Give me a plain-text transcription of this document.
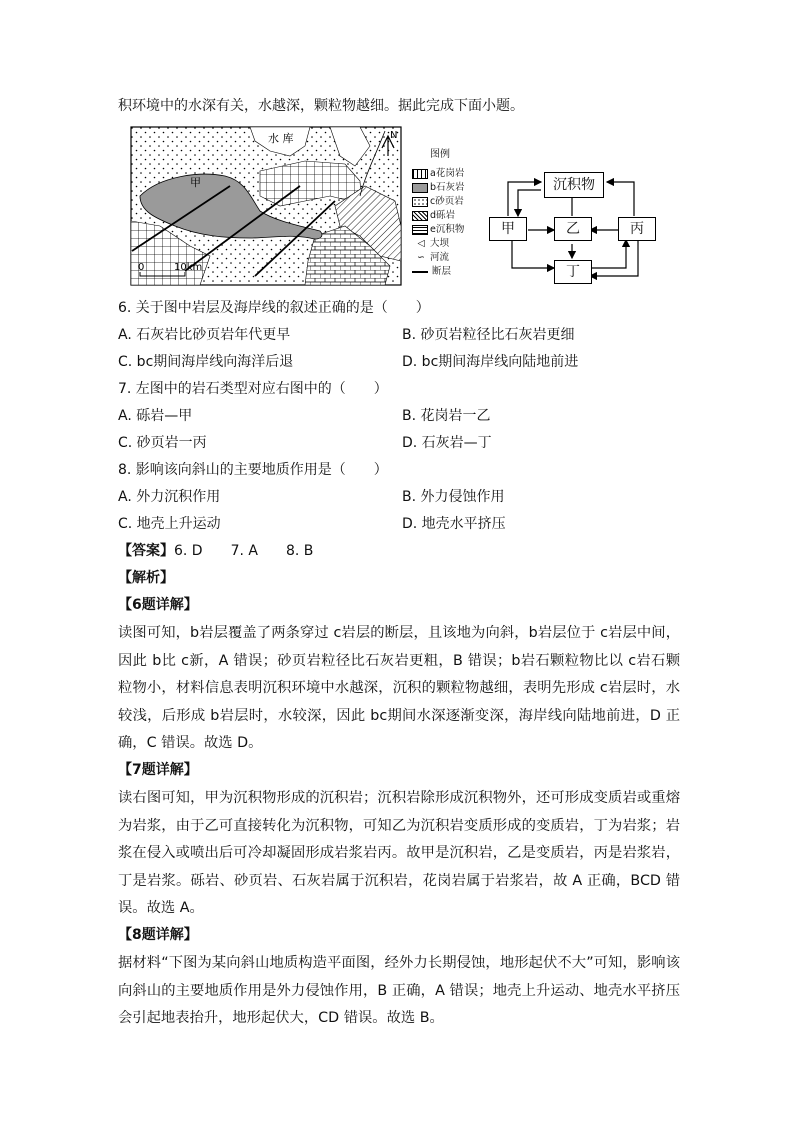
积环境中的水深有关，水越深，颗粒物越细。据此完成下面小题。
N
水 库
甲
0	10km
图例
a花岗岩
b石灰岩
c砂页岩
d砾岩
e沉积物
◁ 大坝
∽ 河流
断层
沉积物
甲	乙	丙
丁
6. 关于图中岩层及海岸线的叙述正确的是（　　）
A. 石灰岩比砂页岩年代更早	B. 砂页岩粒径比石灰岩更细
C. bc期间海岸线向海洋后退	D. bc期间海岸线向陆地前进
7. 左图中的岩石类型对应右图中的（　　）
A. 砾岩—甲	B. 花岗岩一乙
C. 砂页岩一丙	D. 石灰岩—丁
8. 影响该向斜山的主要地质作用是（　　）
A. 外力沉积作用	B. 外力侵蚀作用
C. 地壳上升运动	D. 地壳水平挤压
【答案】6. D　　7. A　　8. B
【解析】
【6题详解】
读图可知，b岩层覆盖了两条穿过 c岩层的断层，且该地为向斜，b岩层位于 c岩层中间，因此 b比 c新，A 错误；砂页岩粒径比石灰岩更粗，B 错误；b岩石颗粒物比以 c岩石颗粒物小，材料信息表明沉积环境中水越深，沉积的颗粒物越细，表明先形成 c岩层时，水较浅，后形成 b岩层时，水较深，因此 bc期间水深逐渐变深，海岸线向陆地前进，D 正确，C 错误。故选 D。
【7题详解】
读右图可知，甲为沉积物形成的沉积岩；沉积岩除形成沉积物外，还可形成变质岩或重熔为岩浆，由于乙可直接转化为沉积物，可知乙为沉积岩变质形成的变质岩，丁为岩浆；岩浆在侵入或喷出后可冷却凝固形成岩浆岩丙。故甲是沉积岩，乙是变质岩，丙是岩浆岩，丁是岩浆。砾岩、砂页岩、石灰岩属于沉积岩，花岗岩属于岩浆岩，故 A 正确，BCD 错误。故选 A。
【8题详解】
据材料“下图为某向斜山地质构造平面图，经外力长期侵蚀，地形起伏不大”可知，影响该向斜山的主要地质作用是外力侵蚀作用，B 正确，A 错误；地壳上升运动、地壳水平挤压会引起地表抬升，地形起伏大，CD 错误。故选 B。
